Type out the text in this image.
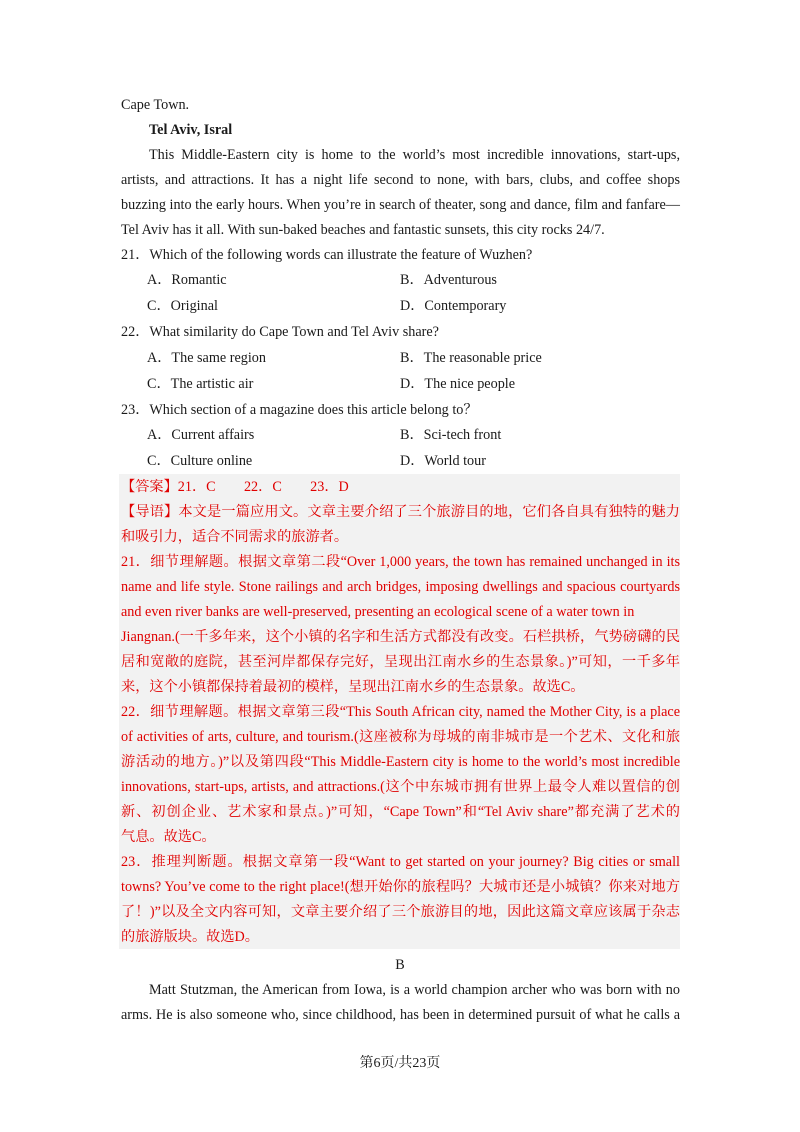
Cape Town.
Tel Aviv, Isral
This Middle-Eastern city is home to the world’s most incredible innovations, start-ups,
artists, and attractions. It has a night life second to none, with bars, clubs, and coffee shops
buzzing into the early hours. When you’re in search of theater, song and dance, film and fanfare—
Tel Aviv has it all. With sun-baked beaches and fantastic sunsets, this city rocks 24/7.
21．Which of the following words can illustrate the feature of Wuzhen?
A．Romantic	B．Adventurous
C．Original	D．Contemporary
22．What similarity do Cape Town and Tel Aviv share?
A．The same region	B．The reasonable price
C．The artistic air	D．The nice people
23．Which section of a magazine does this article belong to？
A．Current affairs	B．Sci-tech front
C．Culture online	D．World tour
【答案】21．C　　22．C　　23．D
【导语】本文是一篇应用文。文章主要介绍了三个旅游目的地，它们各自具有独特的魅力
和吸引力，适合不同需求的旅游者。
21．细节理解题。根据文章第二段“Over 1,000 years, the town has remained unchanged in its
name and life style. Stone railings and arch bridges, imposing dwellings and spacious courtyards
and even river banks are well-preserved, presenting an ecological scene of a water town in
Jiangnan.(一千多年来，这个小镇的名字和生活方式都没有改变。石栏拱桥，气势磅礴的民
居和宽敞的庭院，甚至河岸都保存完好，呈现出江南水乡的生态景象。)”可知，一千多年
来，这个小镇都保持着最初的模样，呈现出江南水乡的生态景象。故选C。
22．细节理解题。根据文章第三段“This South African city, named the Mother City, is a place
of activities of arts, culture, and tourism.(这座被称为母城的南非城市是一个艺术、文化和旅
游活动的地方。)”以及第四段“This Middle-Eastern city is home to the world’s most incredible
innovations, start-ups, artists, and attractions.(这个中东城市拥有世界上最令人难以置信的创
新、初创企业、艺术家和景点。)”可知，“Cape Town”和“Tel Aviv share”都充满了艺术的
气息。故选C。
23．推理判断题。根据文章第一段“Want to get started on your journey? Big cities or small
towns? You’ve come to the right place!(想开始你的旅程吗？大城市还是小城镇？你来对地方
了！)”以及全文内容可知，文章主要介绍了三个旅游目的地，因此这篇文章应该属于杂志
的旅游版块。故选D。
B
Matt Stutzman, the American from Iowa, is a world champion archer who was born with no
arms. He is also someone who, since childhood, has been in determined pursuit of what he calls a
第6页/共23页
